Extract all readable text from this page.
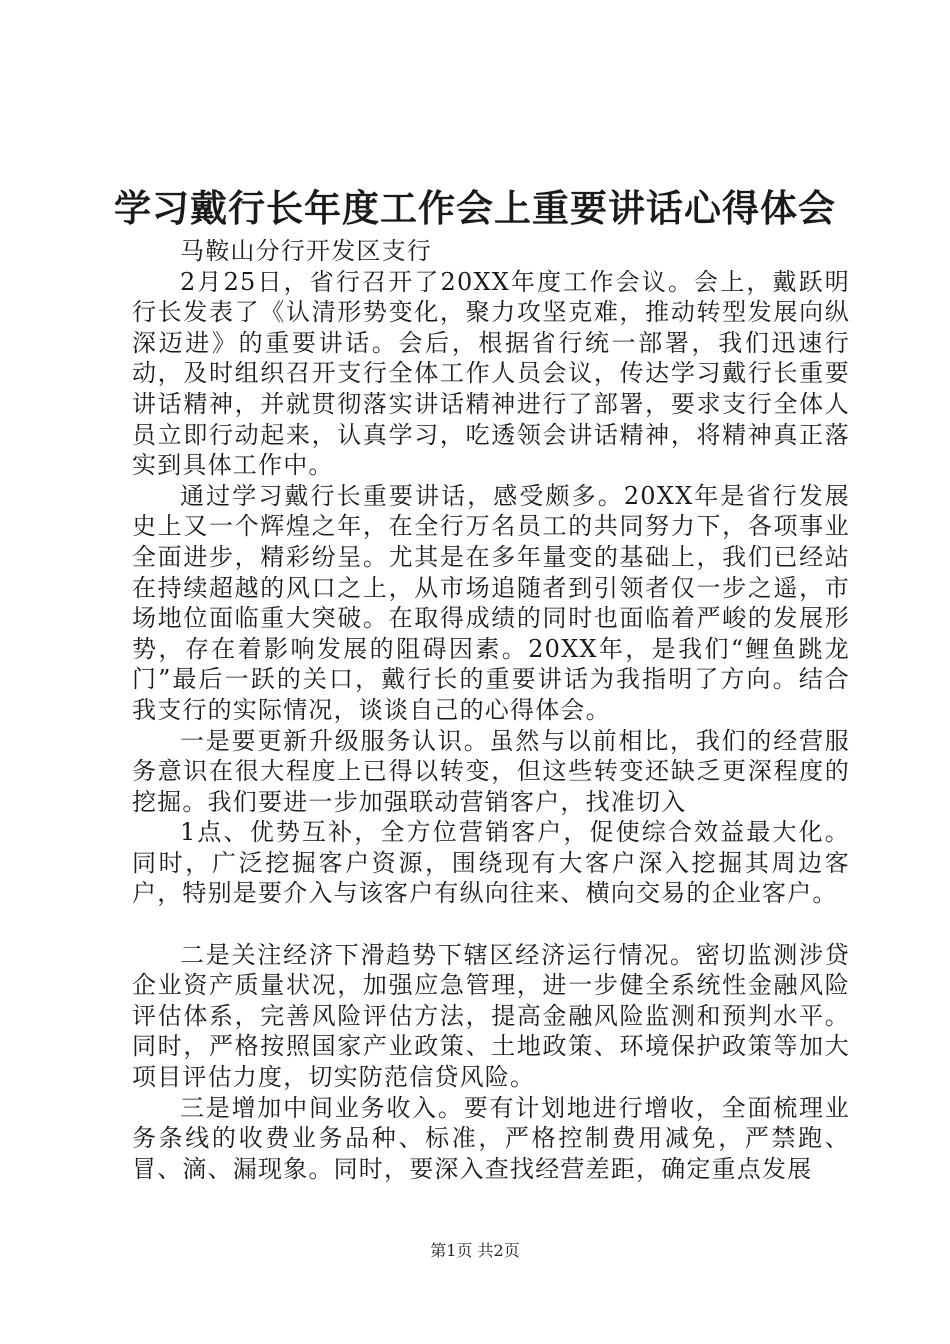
学习戴行长年度工作会上重要讲话心得体会

马鞍山分行开发区支行

2月25日，省行召开了20XX年度工作会议。会上，戴跃明行长发表了《认清形势变化，聚力攻坚克难，推动转型发展向纵深迈进》的重要讲话。会后，根据省行统一部署，我们迅速行动，及时组织召开支行全体工作人员会议，传达学习戴行长重要讲话精神，并就贯彻落实讲话精神进行了部署，要求支行全体人员立即行动起来，认真学习，吃透领会讲话精神，将精神真正落实到具体工作中。

通过学习戴行长重要讲话，感受颇多。20XX年是省行发展史上又一个辉煌之年，在全行万名员工的共同努力下，各项事业全面进步，精彩纷呈。尤其是在多年量变的基础上，我们已经站在持续超越的风口之上，从市场追随者到引领者仅一步之遥，市场地位面临重大突破。在取得成绩的同时也面临着严峻的发展形势，存在着影响发展的阻碍因素。20XX年，是我们“鲤鱼跳龙门”最后一跃的关口，戴行长的重要讲话为我指明了方向。结合我支行的实际情况，谈谈自己的心得体会。

一是要更新升级服务认识。虽然与以前相比，我们的经营服务意识在很大程度上已得以转变，但这些转变还缺乏更深程度的挖掘。我们要进一步加强联动营销客户，找准切入

1点、优势互补，全方位营销客户，促使综合效益最大化。同时，广泛挖掘客户资源，围绕现有大客户深入挖掘其周边客户，特别是要介入与该客户有纵向往来、横向交易的企业客户。

二是关注经济下滑趋势下辖区经济运行情况。密切监测涉贷企业资产质量状况，加强应急管理，进一步健全系统性金融风险评估体系，完善风险评估方法，提高金融风险监测和预判水平。同时，严格按照国家产业政策、土地政策、环境保护政策等加大项目评估力度，切实防范信贷风险。

三是增加中间业务收入。要有计划地进行增收，全面梳理业务条线的收费业务品种、标准，严格控制费用减免，严禁跑、冒、滴、漏现象。同时，要深入查找经营差距，确定重点发展

第1页 共2页
